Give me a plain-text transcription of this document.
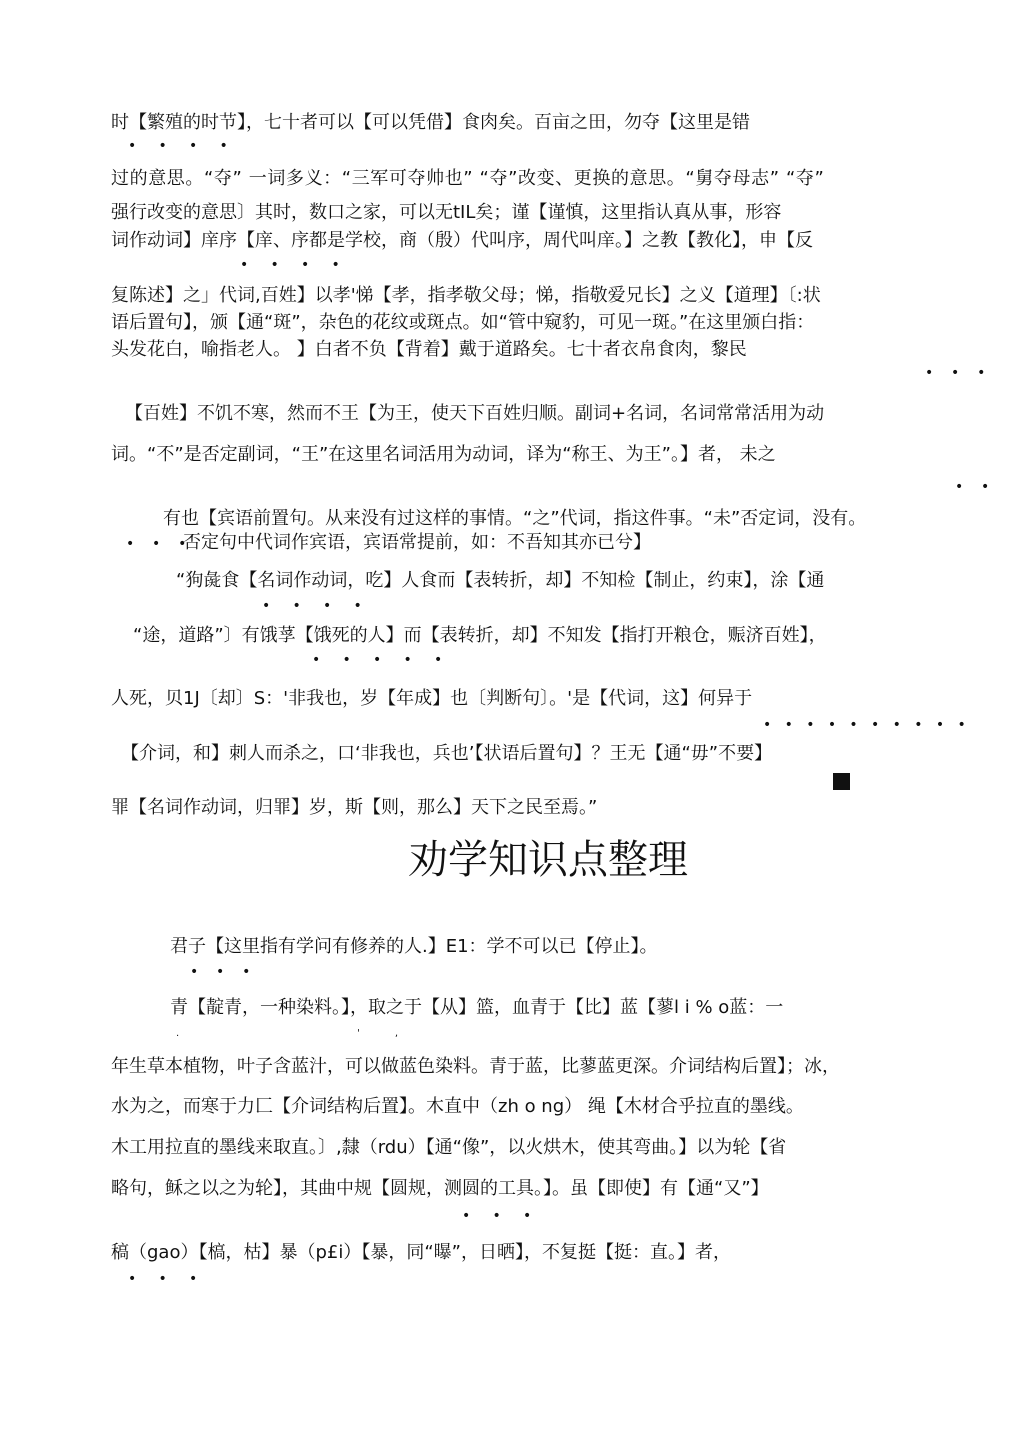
时【繁殖的时节】，七十者可以【可以凭借】食肉矣。百亩之田，勿夺【这里是错
•     •     •     •
过的意思。“夺” 一词多义：“三军可夺帅也” “夺”改变、更换的意思。“舅夺母志” “夺”
强行改变的意思〕其时，数口之家，可以无tIL矣；谨【谨慎，这里指认真从事，形容
词作动词】庠序【庠、序都是学校，商（殷）代叫序，周代叫庠。】之教【教化】，申【反
•     •     •     •
复陈述】之」代词,百姓】以孝'悌【孝，指孝敬父母；悌，指敬爱兄长】之义【道理】〔:状
语后置句】，颁【通“斑”，杂色的花纹或斑点。如“管中窥豹，可见一斑。”在这里颁白指：
头发花白，喻指老人。 】白者不负【背着】戴于道路矣。七十者衣帛食肉，黎民
•    •    •
【百姓】不饥不寒，然而不王【为王，使天下百姓归顺。副词+名词，名词常常活用为动
词。“不”是否定副词，“王”在这里名词活用为动词，译为“称王、为王”。】者， 未之
•    •
有也【宾语前置句。从来没有过这样的事情。“之”代词，指这件事。“未”否定词，没有。
•    •    •
否定句中代词作宾语，宾语常提前，如：不吾知其亦已兮】
“狗彘食【名词作动词，吃】人食而【表转折，却】不知检【制止，约束】，涂【通
•     •     •     •
“途，道路”〕有饿莩【饿死的人】而【表转折，却】不知发【指打开粮仓，赈济百姓】，
•     •     •     •     •
人死，贝1J〔却〕S：'非我也，岁【年成】也〔判断句〕。'是【代词，这】何异于
•   •   •   •   •   •   •   •   •   •
【介词，和】刺人而杀之，口‘非我也，兵也’【状语后置句】？王无【通“毋”不要】
罪【名词作动词，归罪】岁，斯【则，那么】天下之民至焉。”
劝学知识点整理
君子【这里指有学问有修养的人.】E1：学不可以已【停止】。
•    •    •
青【靛青，一种染料。】，取之于【从】篮，血青于【比】蓝【蓼l i % o蓝：一
.                                                        '           ,
年生草本植物，叶子含蓝汁，可以做蓝色染料。青于蓝，比蓼蓝更深。介词结构后置】；冰，
水为之，而寒于力匚【介词结构后置】。木直中（zh o ng） 绳【木材合乎拉直的墨线。
木工用拉直的墨线来取直。〕,隸（rdu）【通“像”，以火烘木，使其弯曲。】以为轮【省
略句，稣之以之为轮】，其曲中规【圆规，测圆的工具。】。虽【即使】有【通“又”】
•     •     •
稿（gao）【槁，枯】暴（p£i）【暴，同“曝”，日晒】，不复挺【挺：直。】者，
•     •     •
